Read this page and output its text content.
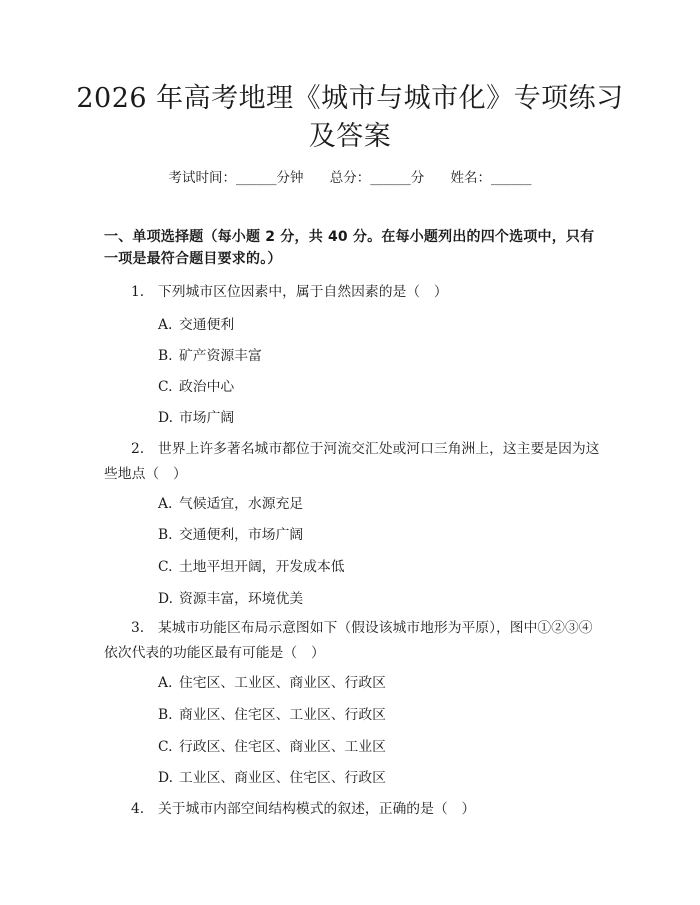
2026 年高考地理《城市与城市化》专项练习
及答案
考试时间：______分钟 总分：______分 姓名：______
一、单项选择题（每小题 2 分，共 40 分。在每小题列出的四个选项中，只有一项是最符合题目要求的。）
1.　下列城市区位因素中，属于自然因素的是（　）
A. 交通便利
B. 矿产资源丰富
C. 政治中心
D. 市场广阔
2.　世界上许多著名城市都位于河流交汇处或河口三角洲上，这主要是因为这些地点（　）
A. 气候适宜，水源充足
B. 交通便利，市场广阔
C. 土地平坦开阔，开发成本低
D. 资源丰富，环境优美
3.　某城市功能区布局示意图如下（假设该城市地形为平原），图中①②③④依次代表的功能区最有可能是（　）
A. 住宅区、工业区、商业区、行政区
B. 商业区、住宅区、工业区、行政区
C. 行政区、住宅区、商业区、工业区
D. 工业区、商业区、住宅区、行政区
4.　关于城市内部空间结构模式的叙述，正确的是（　）
